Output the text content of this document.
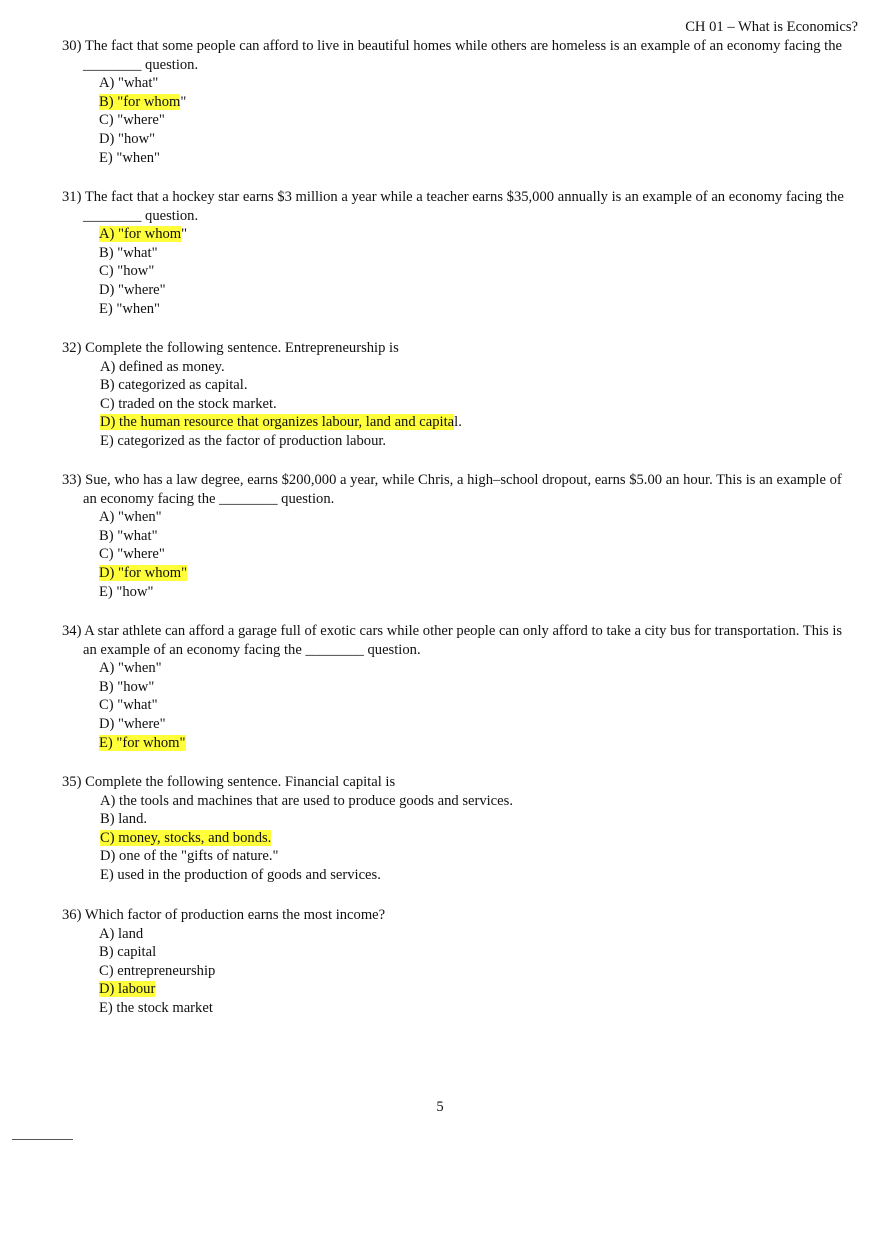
CH 01 – What is Economics?

30) The fact that some people can afford to live in beautiful homes while others are homeless is an example of an economy facing the ________ question.

A) "what"
B) "for whom"
C) "where"
D) "how"
E) "when"

31) The fact that a hockey star earns $3 million a year while a teacher earns $35,000 annually is an example of an economy facing the ________ question.

A) "for whom"
B) "what"
C) "how"
D) "where"
E) "when"

32) Complete the following sentence. Entrepreneurship is

A) defined as money.
B) categorized as capital.
C) traded on the stock market.
D) the human resource that organizes labour, land and capital.
E) categorized as the factor of production labour.

33) Sue, who has a law degree, earns $200,000 a year, while Chris, a high–school dropout, earns $5.00 an hour. This is an example of an economy facing the ________ question.

A) "when"
B) "what"
C) "where"
D) "for whom"
E) "how"

34) A star athlete can afford a garage full of exotic cars while other people can only afford to take a city bus for transportation. This is an example of an economy facing the ________ question.

A) "when"
B) "how"
C) "what"
D) "where"
E) "for whom"

35) Complete the following sentence. Financial capital is

A) the tools and machines that are used to produce goods and services.
B) land.
C) money, stocks, and bonds.
D) one of the "gifts of nature."
E) used in the production of goods and services.

36) Which factor of production earns the most income?

A) land
B) capital
C) entrepreneurship
D) labour
E) the stock market
5
